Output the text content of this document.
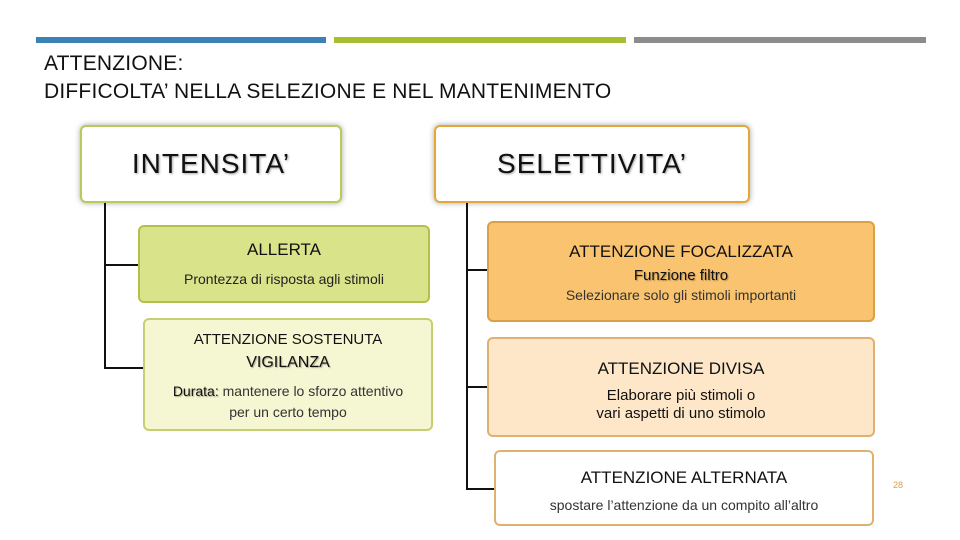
ATTENZIONE:
DIFFICOLTA’ NELLA SELEZIONE E NEL MANTENIMENTO
INTENSITA’	SELETTIVITA’
ALLERTA
Prontezza di risposta agli stimoli
ATTENZIONE SOSTENUTA
VIGILANZA
Durata: mantenere lo sforzo attentivo
per un certo tempo
ATTENZIONE FOCALIZZATA
Funzione filtro
Selezionare solo gli stimoli importanti
ATTENZIONE DIVISA
Elaborare più stimoli o
vari aspetti di uno stimolo
ATTENZIONE ALTERNATA
spostare l’attenzione da un compito all’altro
28
